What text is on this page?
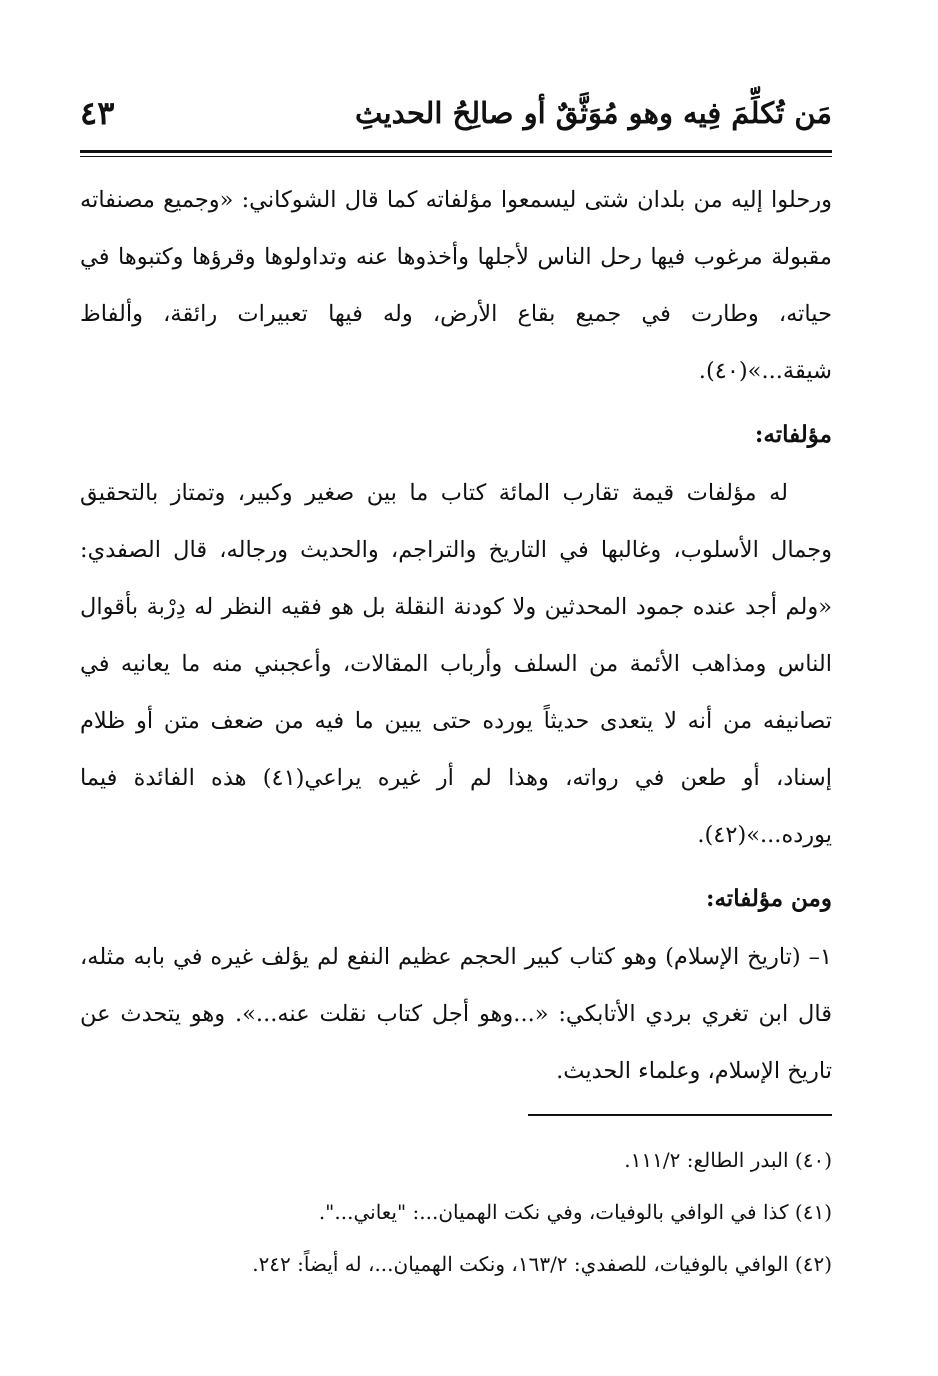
مَن تُكلِّمَ فِيه وهو مُوَثَّقٌ أو صالِحُ الحديثِ
٤٣

ورحلوا إليه من بلدان شتى ليسمعوا مؤلفاته كما قال الشوكاني: «وجميع مصنفاته مقبولة مرغوب فيها رحل الناس لأجلها وأخذوها عنه وتداولوها وقرؤها وكتبوها في حياته، وطارت في جميع بقاع الأرض، وله فيها تعبيرات رائقة، وألفاظ شيقة...»(٤٠).

مؤلفاته:

له مؤلفات قيمة تقارب المائة كتاب ما بين صغير وكبير، وتمتاز بالتحقيق وجمال الأسلوب، وغالبها في التاريخ والتراجم، والحديث ورجاله، قال الصفدي: «ولم أجد عنده جمود المحدثين ولا كودنة النقلة بل هو فقيه النظر له دِرْبة بأقوال الناس ومذاهب الأئمة من السلف وأرباب المقالات، وأعجبني منه ما يعانيه في تصانيفه من أنه لا يتعدى حديثاً يورده حتى يبين ما فيه من ضعف متن أو ظلام إسناد، أو طعن في رواته، وهذا لم أر غيره يراعي(٤١) هذه الفائدة فيما يورده...»(٤٢).

ومن مؤلفاته:

١– (تاريخ الإسلام) وهو كتاب كبير الحجم عظيم النفع لم يؤلف غيره في بابه مثله، قال ابن تغري بردي الأتابكي: «...وهو أجل كتاب نقلت عنه...». وهو يتحدث عن تاريخ الإسلام، وعلماء الحديث.

(٤٠) البدر الطالع: ١١١/٢.
(٤١) كذا في الوافي بالوفيات، وفي نكت الهميان...: "يعاني...".
(٤٢) الوافي بالوفيات، للصفدي: ١٦٣/٢، ونكت الهميان...، له أيضاً: ٢٤٢.
